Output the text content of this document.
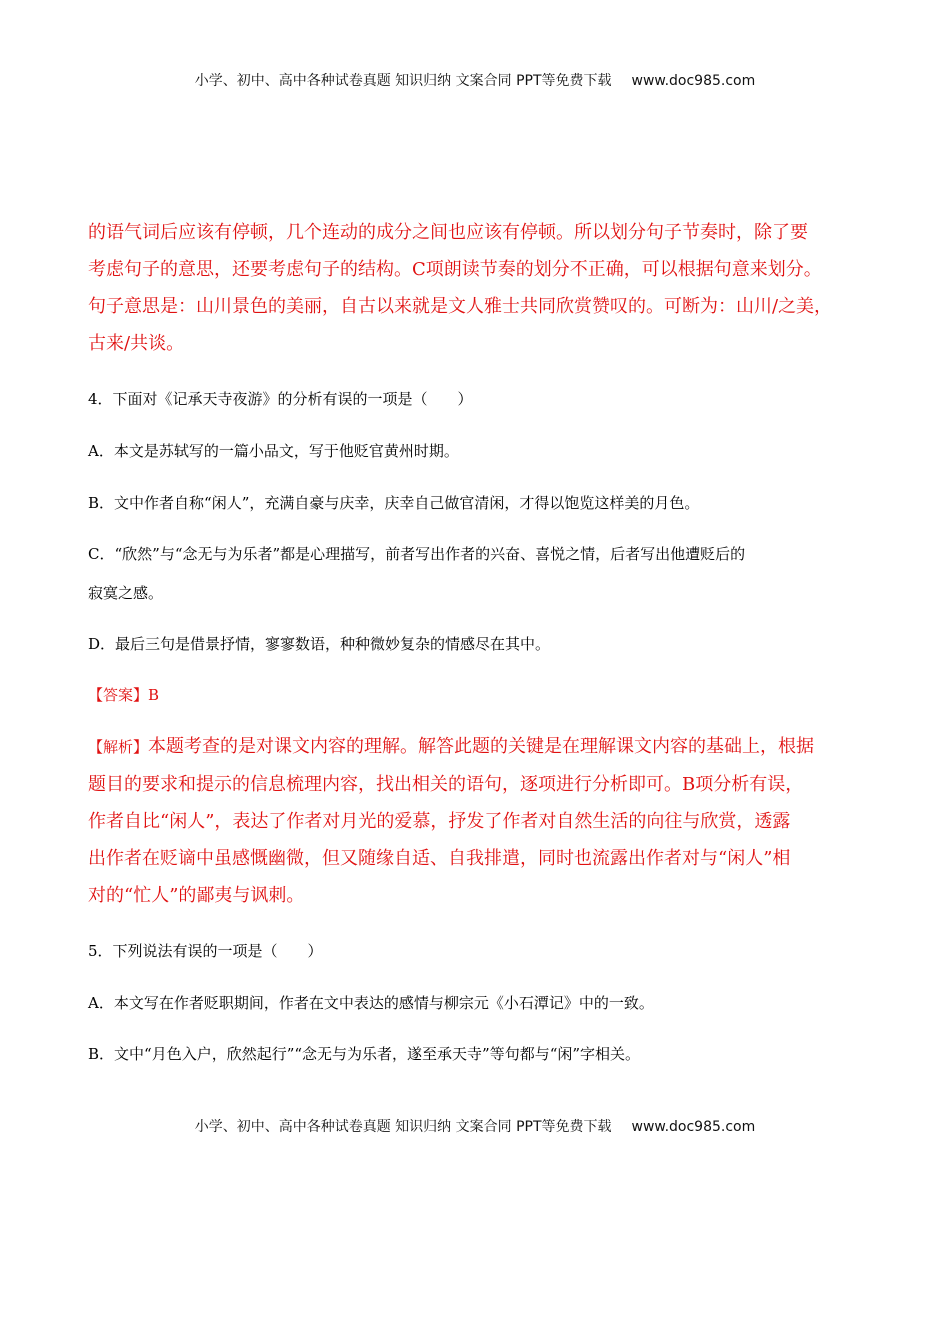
小学、初中、高中各种试卷真题 知识归纳 文案合同 PPT等免费下载 www.doc985.com

的语气词后应该有停顿，几个连动的成分之间也应该有停顿。所以划分句子节奏时，除了要

考虑句子的意思，还要考虑句子的结构。C项朗读节奏的划分不正确，可以根据句意来划分。

句子意思是：山川景色的美丽，自古以来就是文人雅士共同欣赏赞叹的。可断为：山川/之美，

古来/共谈。

4．下面对《记承天寺夜游》的分析有误的一项是（　　）

A．本文是苏轼写的一篇小品文，写于他贬官黄州时期。

B．文中作者自称“闲人”，充满自豪与庆幸，庆幸自己做官清闲，才得以饱览这样美的月色。

C．“欣然”与“念无与为乐者”都是心理描写，前者写出作者的兴奋、喜悦之情，后者写出他遭贬后的

寂寞之感。

D．最后三句是借景抒情，寥寥数语，种种微妙复杂的情感尽在其中。

【答案】B

【解析】本题考查的是对课文内容的理解。解答此题的关键是在理解课文内容的基础上，根据

题目的要求和提示的信息梳理内容，找出相关的语句，逐项进行分析即可。B项分析有误，

作者自比“闲人”，表达了作者对月光的爱慕，抒发了作者对自然生活的向往与欣赏，透露

出作者在贬谪中虽感慨幽微，但又随缘自适、自我排遣，同时也流露出作者对与“闲人”相

对的“忙人”的鄙夷与讽刺。

5．下列说法有误的一项是（　　）

A．本文写在作者贬职期间，作者在文中表达的感情与柳宗元《小石潭记》中的一致。

B．文中“月色入户，欣然起行”“念无与为乐者，遂至承天寺”等句都与“闲”字相关。

小学、初中、高中各种试卷真题 知识归纳 文案合同 PPT等免费下载 www.doc985.com
